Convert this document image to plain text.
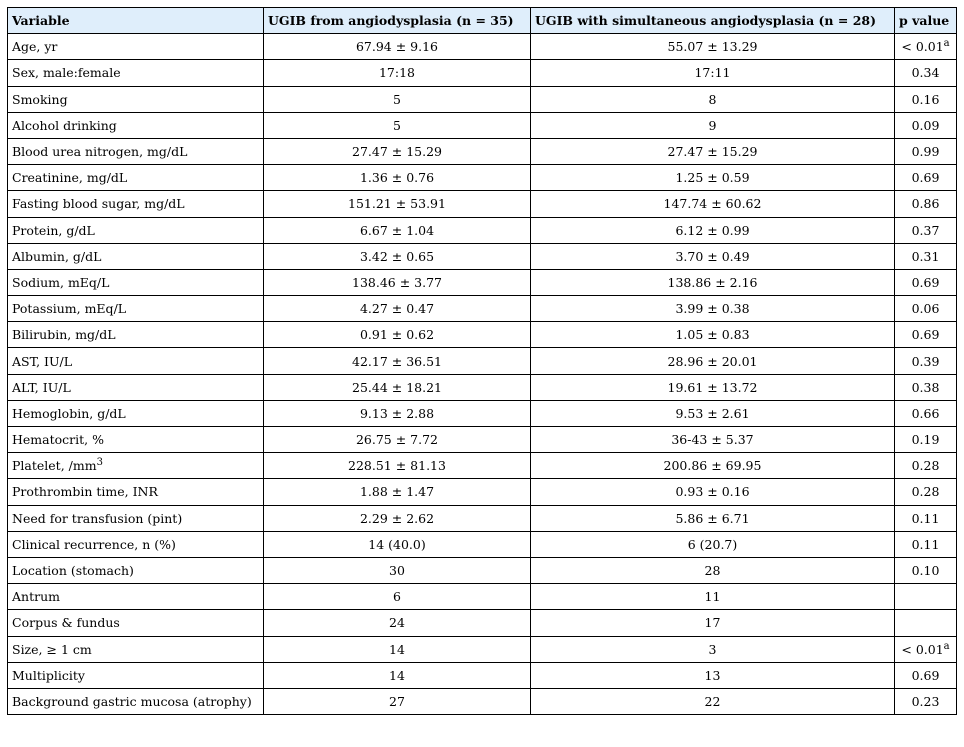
Variable	UGIB from angiodysplasia (n = 35)	UGIB with simultaneous angiodysplasia (n = 28)	p value
Age, yr	67.94 ± 9.16	55.07 ± 13.29	< 0.01$^a$
Sex, male:female	17:18	17:11	0.34
Smoking	5	8	0.16
Alcohol drinking	5	9	0.09
Blood urea nitrogen, mg/dL	27.47 ± 15.29	27.47 ± 15.29	0.99
Creatinine, mg/dL	1.36 ± 0.76	1.25 ± 0.59	0.69
Fasting blood sugar, mg/dL	151.21 ± 53.91	147.74 ± 60.62	0.86
Protein, g/dL	6.67 ± 1.04	6.12 ± 0.99	0.37
Albumin, g/dL	3.42 ± 0.65	3.70 ± 0.49	0.31
Sodium, mEq/L	138.46 ± 3.77	138.86 ± 2.16	0.69
Potassium, mEq/L	4.27 ± 0.47	3.99 ± 0.38	0.06
Bilirubin, mg/dL	0.91 ± 0.62	1.05 ± 0.83	0.69
AST, IU/L	42.17 ± 36.51	28.96 ± 20.01	0.39
ALT, IU/L	25.44 ± 18.21	19.61 ± 13.72	0.38
Hemoglobin, g/dL	9.13 ± 2.88	9.53 ± 2.61	0.66
Hematocrit, %	26.75 ± 7.72	36-43 ± 5.37	0.19
Platelet, $/mm^3$	228.51 ± 81.13	200.86 ± 69.95	0.28
Prothrombin time, INR	1.88 ± 1.47	0.93 ± 0.16	0.28
Need for transfusion (pint)	2.29 ± 2.62	5.86 ± 6.71	0.11
Clinical recurrence, n (%)	14 (40.0)	6 (20.7)	0.11
Location (stomach)	30	28	0.10
Antrum	6	11	
Corpus & fundus	24	17	
Size, ≥ 1 cm	14	3	< 0.01$^a$
Multiplicity	14	13	0.69
Background gastric mucosa (atrophy)	27	22	0.23
